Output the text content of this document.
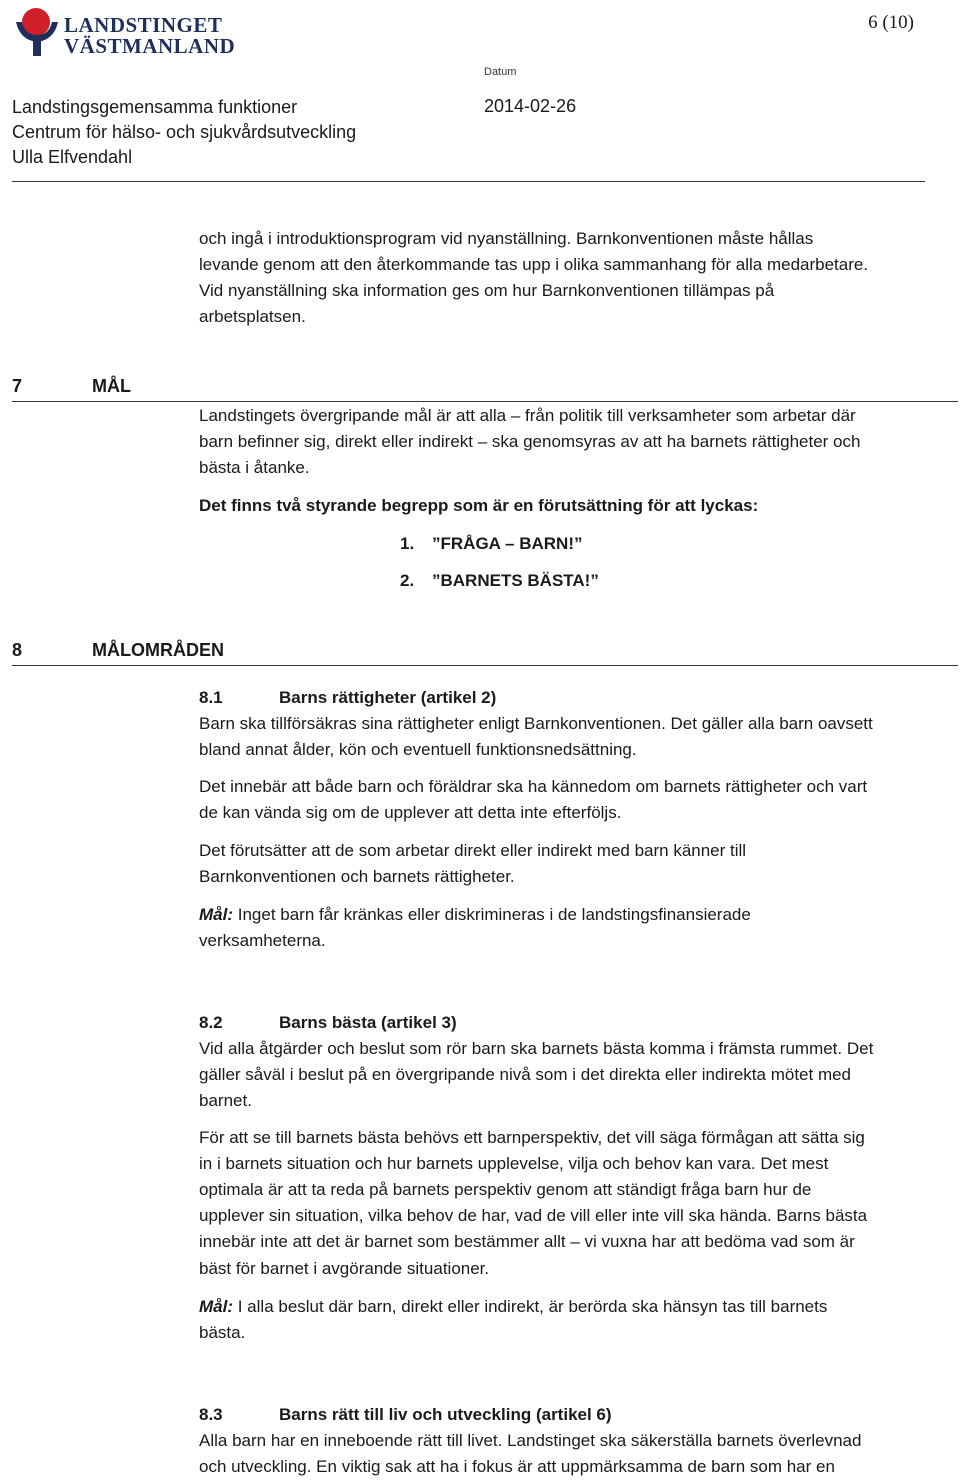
LANDSTINGET
VÄSTMANLAND
6 (10)
Datum
2014-02-26
Landstingsgemensamma funktioner
Centrum för hälso- och sjukvårdsutveckling
Ulla Elfvendahl
och ingå i introduktionsprogram vid nyanställning. Barnkonventionen måste hållas
levande genom att den återkommande tas upp i olika sammanhang för alla medarbetare.
Vid nyanställning ska information ges om hur Barnkonventionen tillämpas på
arbetsplatsen.
7	MÅL
Landstingets övergripande mål är att alla – från politik till verksamheter som arbetar där
barn befinner sig, direkt eller indirekt – ska genomsyras av att ha barnets rättigheter och
bästa i åtanke.
Det finns två styrande begrepp som är en förutsättning för att lyckas:
1. ”FRÅGA – BARN!”
2. ”BARNETS BÄSTA!”
8	MÅLOMRÅDEN
8.1	Barns rättigheter (artikel 2)
Barn ska tillförsäkras sina rättigheter enligt Barnkonventionen. Det gäller alla barn oavsett
bland annat ålder, kön och eventuell funktionsnedsättning.
Det innebär att både barn och föräldrar ska ha kännedom om barnets rättigheter och vart
de kan vända sig om de upplever att detta inte efterföljs.
Det förutsätter att de som arbetar direkt eller indirekt med barn känner till
Barnkonventionen och barnets rättigheter.
Mål: Inget barn får kränkas eller diskrimineras i de landstingsfinansierade
verksamheterna.
8.2	Barns bästa (artikel 3)
Vid alla åtgärder och beslut som rör barn ska barnets bästa komma i främsta rummet. Det
gäller såväl i beslut på en övergripande nivå som i det direkta eller indirekta mötet med
barnet.
För att se till barnets bästa behövs ett barnperspektiv, det vill säga förmågan att sätta sig
in i barnets situation och hur barnets upplevelse, vilja och behov kan vara. Det mest
optimala är att ta reda på barnets perspektiv genom att ständigt fråga barn hur de
upplever sin situation, vilka behov de har, vad de vill eller inte vill ska hända. Barns bästa
innebär inte att det är barnet som bestämmer allt – vi vuxna har att bedöma vad som är
bäst för barnet i avgörande situationer.
Mål: I alla beslut där barn, direkt eller indirekt, är berörda ska hänsyn tas till barnets
bästa.
8.3	Barns rätt till liv och utveckling (artikel 6)
Alla barn har en inneboende rätt till livet. Landstinget ska säkerställa barnets överlevnad
och utveckling. En viktig sak att ha i fokus är att uppmärksamma de barn som har en
